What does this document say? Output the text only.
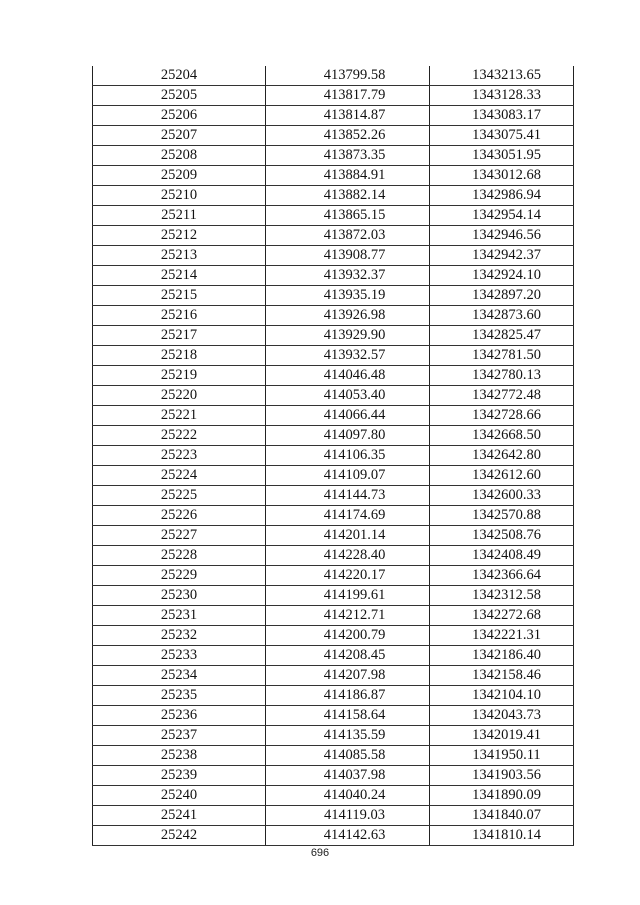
25204	413799.58	1343213.65
25205	413817.79	1343128.33
25206	413814.87	1343083.17
25207	413852.26	1343075.41
25208	413873.35	1343051.95
25209	413884.91	1343012.68
25210	413882.14	1342986.94
25211	413865.15	1342954.14
25212	413872.03	1342946.56
25213	413908.77	1342942.37
25214	413932.37	1342924.10
25215	413935.19	1342897.20
25216	413926.98	1342873.60
25217	413929.90	1342825.47
25218	413932.57	1342781.50
25219	414046.48	1342780.13
25220	414053.40	1342772.48
25221	414066.44	1342728.66
25222	414097.80	1342668.50
25223	414106.35	1342642.80
25224	414109.07	1342612.60
25225	414144.73	1342600.33
25226	414174.69	1342570.88
25227	414201.14	1342508.76
25228	414228.40	1342408.49
25229	414220.17	1342366.64
25230	414199.61	1342312.58
25231	414212.71	1342272.68
25232	414200.79	1342221.31
25233	414208.45	1342186.40
25234	414207.98	1342158.46
25235	414186.87	1342104.10
25236	414158.64	1342043.73
25237	414135.59	1342019.41
25238	414085.58	1341950.11
25239	414037.98	1341903.56
25240	414040.24	1341890.09
25241	414119.03	1341840.07
25242	414142.63	1341810.14
696
